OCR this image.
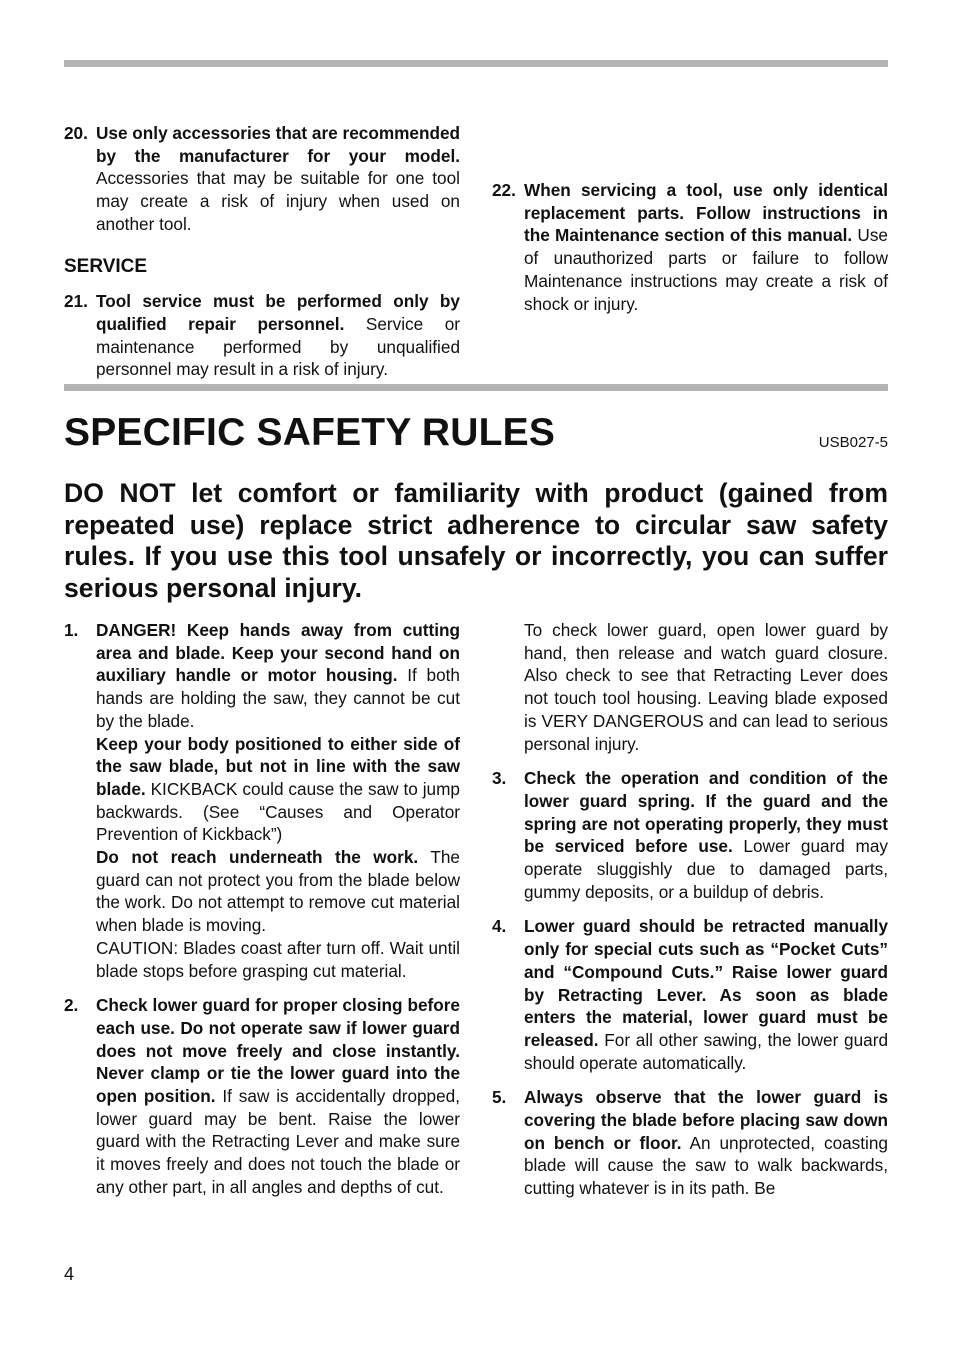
20. Use only accessories that are recommended by the manufacturer for your model. Accessories that may be suitable for one tool may create a risk of injury when used on another tool.
SERVICE
21. Tool service must be performed only by qualified repair personnel. Service or maintenance performed by unqualified personnel may result in a risk of injury.
22. When servicing a tool, use only identical replacement parts. Follow instructions in the Maintenance section of this manual. Use of unauthorized parts or failure to follow Maintenance instructions may create a risk of shock or injury.
SPECIFIC SAFETY RULES	USB027-5

DO NOT let comfort or familiarity with product (gained from repeated use) replace strict adherence to circular saw safety rules. If you use this tool unsafely or incorrectly, you can suffer serious personal injury.

1.	DANGER! Keep hands away from cutting area and blade. Keep your second hand on auxiliary handle or motor housing. If both hands are holding the saw, they cannot be cut by the blade.
Keep your body positioned to either side of the saw blade, but not in line with the saw blade. KICKBACK could cause the saw to jump backwards. (See “Causes and Operator Prevention of Kickback”)
Do not reach underneath the work. The guard can not protect you from the blade below the work. Do not attempt to remove cut material when blade is moving.
CAUTION: Blades coast after turn off. Wait until blade stops before grasping cut material.
2.	Check lower guard for proper closing before each use. Do not operate saw if lower guard does not move freely and close instantly. Never clamp or tie the lower guard into the open position. If saw is accidentally dropped, lower guard may be bent. Raise the lower guard with the Retracting Lever and make sure it moves freely and does not touch the blade or any other part, in all angles and depths of cut.
To check lower guard, open lower guard by hand, then release and watch guard closure. Also check to see that Retracting Lever does not touch tool housing. Leaving blade exposed is VERY DANGEROUS and can lead to serious personal injury.
3.	Check the operation and condition of the lower guard spring. If the guard and the spring are not operating properly, they must be serviced before use. Lower guard may operate sluggishly due to damaged parts, gummy deposits, or a buildup of debris.
4.	Lower guard should be retracted manually only for special cuts such as “Pocket Cuts” and “Compound Cuts.” Raise lower guard by Retracting Lever. As soon as blade enters the material, lower guard must be released. For all other sawing, the lower guard should operate automatically.
5.	Always observe that the lower guard is covering the blade before placing saw down on bench or floor. An unprotected, coasting blade will cause the saw to walk backwards, cutting whatever is in its path. Be
4
